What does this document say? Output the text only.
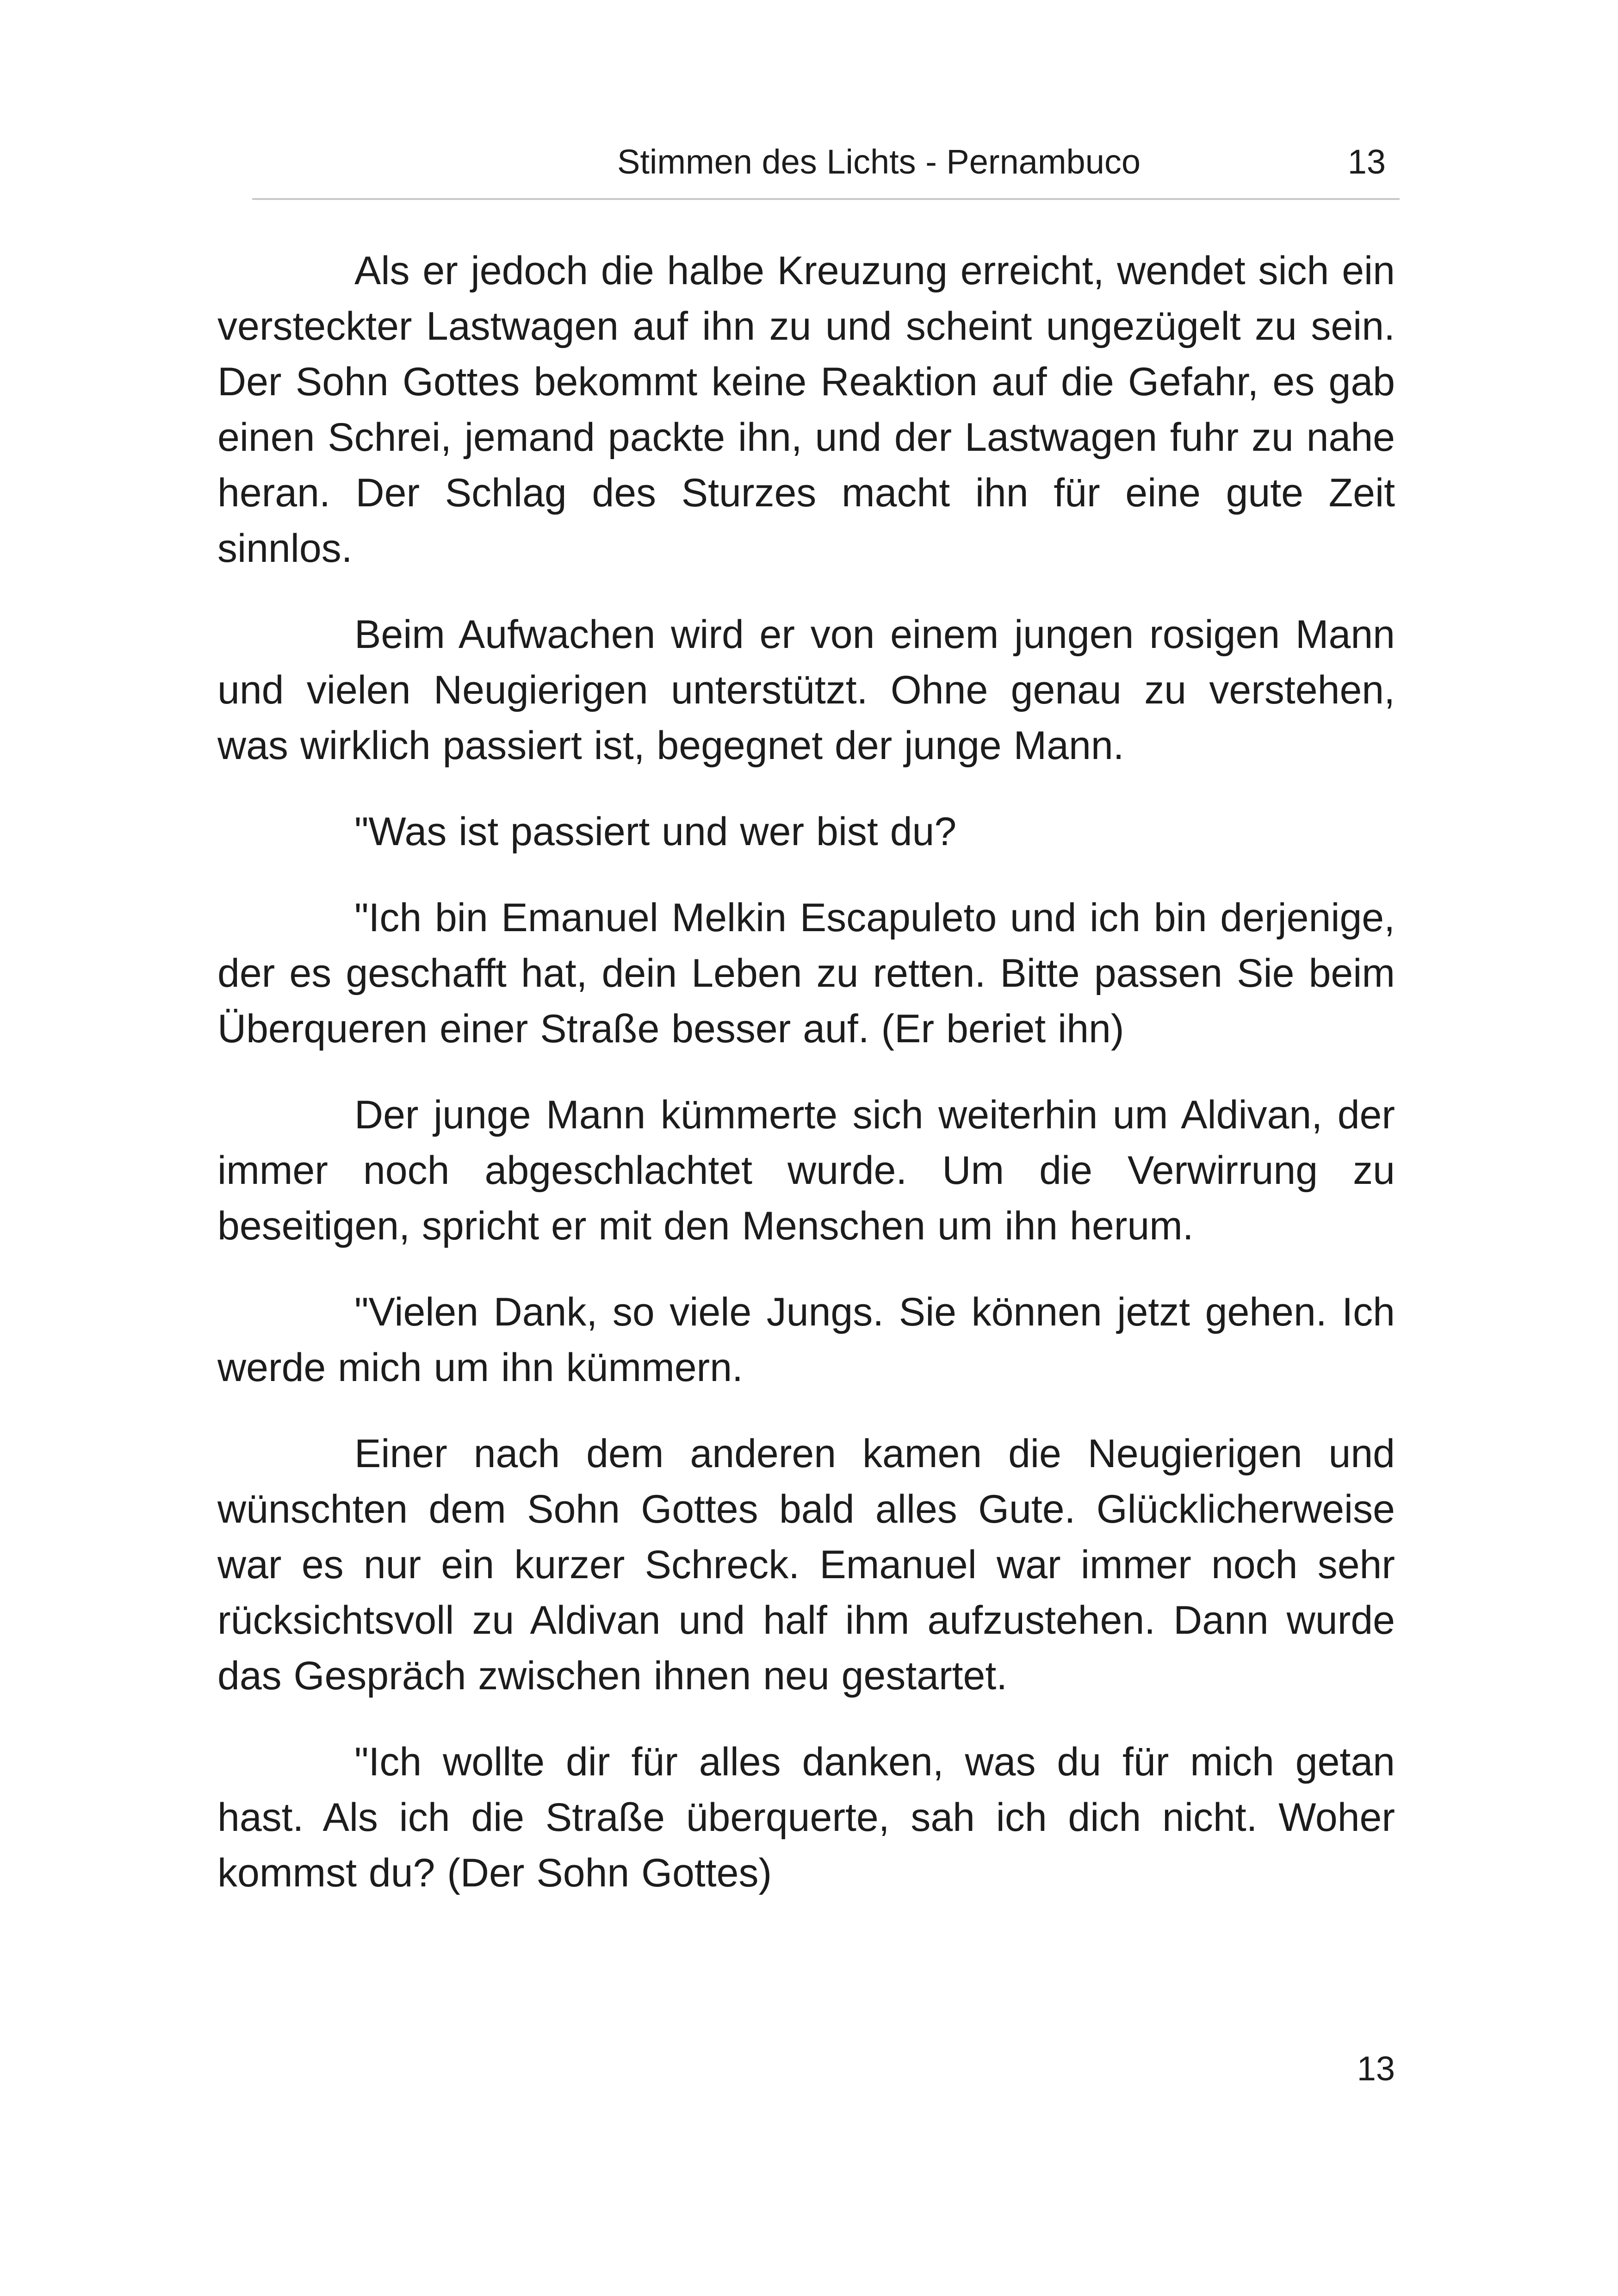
Stimmen des Lichts - Pernambuco	13

Als er jedoch die halbe Kreuzung erreicht, wendet sich ein versteckter Lastwagen auf ihn zu und scheint ungezügelt zu sein. Der Sohn Gottes bekommt keine Reaktion auf die Gefahr, es gab einen Schrei, jemand packte ihn, und der Lastwagen fuhr zu nahe heran. Der Schlag des Sturzes macht ihn für eine gute Zeit sinnlos.

Beim Aufwachen wird er von einem jungen rosigen Mann und vielen Neugierigen unterstützt. Ohne genau zu verstehen, was wirklich passiert ist, begegnet der junge Mann.

"Was ist passiert und wer bist du?

"Ich bin Emanuel Melkin Escapuleto und ich bin derjenige, der es geschafft hat, dein Leben zu retten. Bitte passen Sie beim Überqueren einer Straße besser auf. (Er beriet ihn)

Der junge Mann kümmerte sich weiterhin um Aldivan, der immer noch abgeschlachtet wurde. Um die Verwirrung zu beseitigen, spricht er mit den Menschen um ihn herum.

"Vielen Dank, so viele Jungs. Sie können jetzt gehen. Ich werde mich um ihn kümmern.

Einer nach dem anderen kamen die Neugierigen und wünschten dem Sohn Gottes bald alles Gute. Glücklicherweise war es nur ein kurzer Schreck. Emanuel war immer noch sehr rücksichtsvoll zu Aldivan und half ihm aufzustehen. Dann wurde das Gespräch zwischen ihnen neu gestartet.

"Ich wollte dir für alles danken, was du für mich getan hast. Als ich die Straße überquerte, sah ich dich nicht. Woher kommst du? (Der Sohn Gottes)

13
